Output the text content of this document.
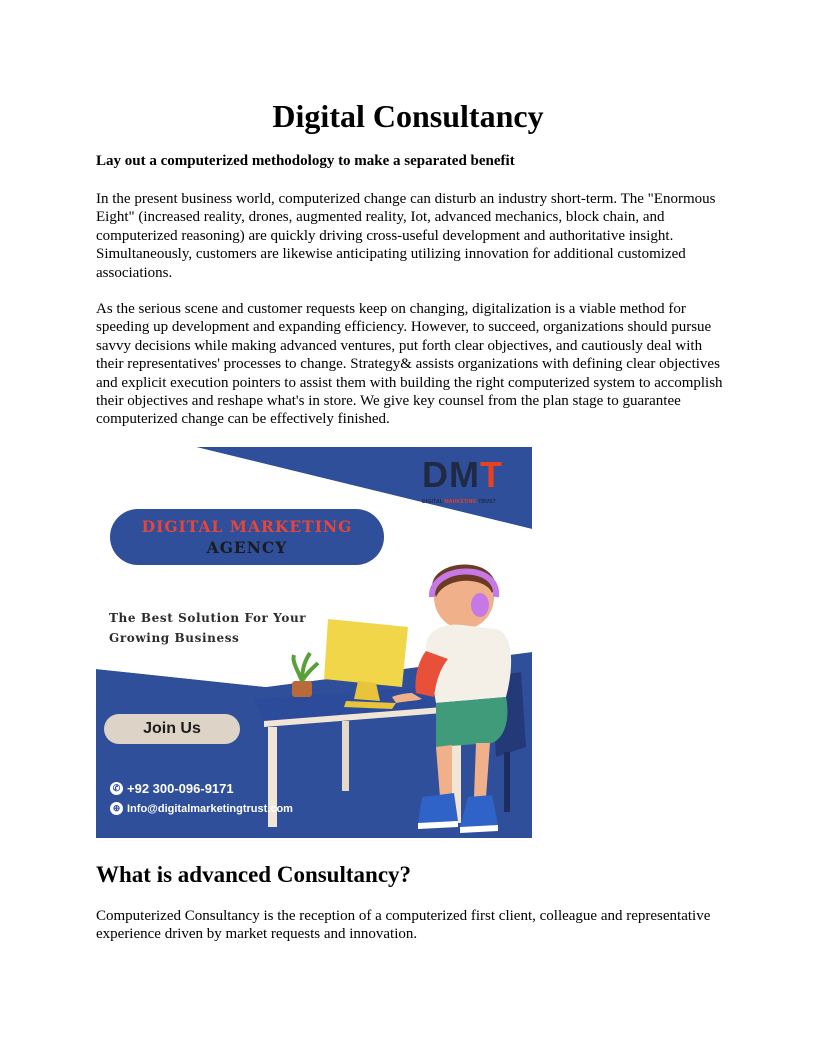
Digital Consultancy

Lay out a computerized methodology to make a separated benefit

In the present business world, computerized change can disturb an industry short-term. The "Enormous Eight" (increased reality, drones, augmented reality, Iot, advanced mechanics, block chain, and computerized reasoning) are quickly driving cross-useful development and authoritative insight. Simultaneously, customers are likewise anticipating utilizing innovation for additional customized associations.

As the serious scene and customer requests keep on changing, digitalization is a viable method for speeding up development and expanding efficiency. However, to succeed, organizations should pursue savvy decisions while making advanced ventures, put forth clear objectives, and cautiously deal with their representatives' processes to change. Strategy& assists organizations with defining clear objectives and explicit execution pointers to assist them with building the right computerized system to accomplish their objectives and reshape what's in store. We give key counsel from the plan stage to guarantee computerized change can be effectively finished.

DMT
DIGITAL MARKETING TRUST
DIGITAL MARKETING
AGENCY
The Best Solution For Your
Growing Business
Join Us
✆ +92 300-096-9171
⊕ Info@digitalmarketingtrust.com
What is advanced Consultancy?

Computerized Consultancy is the reception of a computerized first client, colleague and representative experience driven by market requests and innovation.
